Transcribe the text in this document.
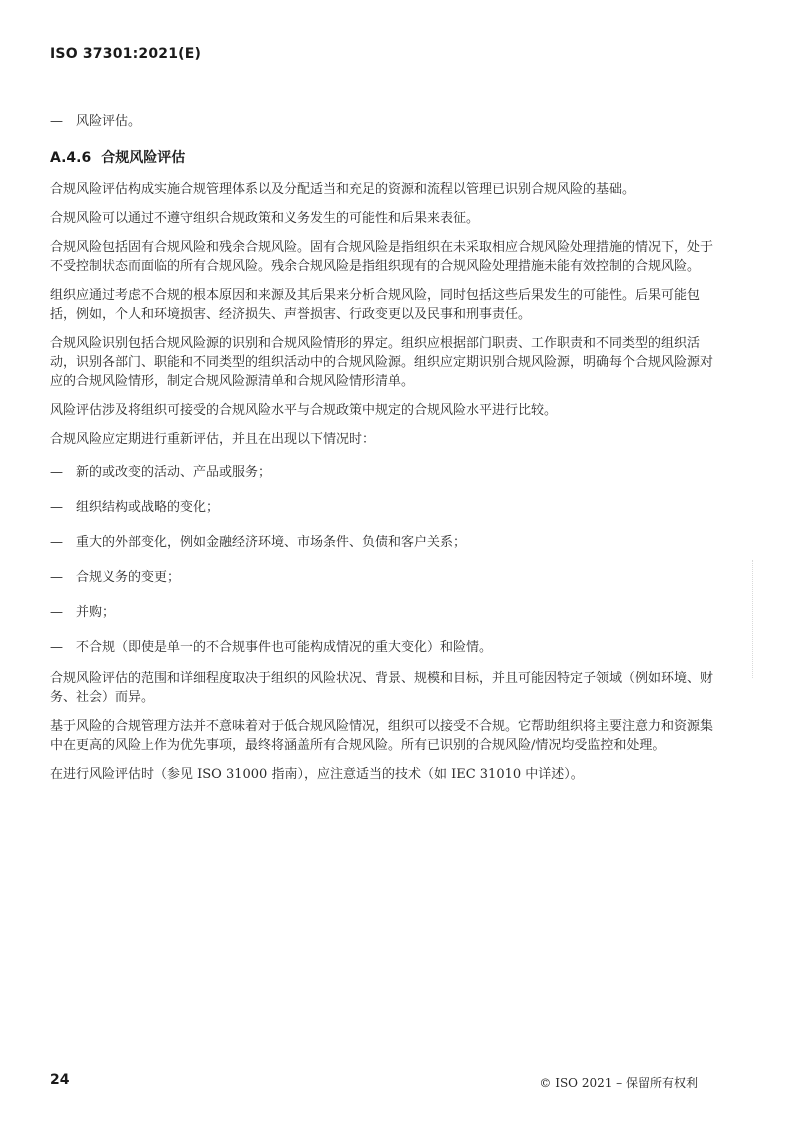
ISO 37301:2021(E)
—	风险评估。
A.4.6 合规风险评估

合规风险评估构成实施合规管理体系以及分配适当和充足的资源和流程以管理已识别合规风险的基础。

合规风险可以通过不遵守组织合规政策和义务发生的可能性和后果来表征。

合规风险包括固有合规风险和残余合规风险。固有合规风险是指组织在未采取相应合规风险处理措施的情况下，处于不受控制状态而面临的所有合规风险。残余合规风险是指组织现有的合规风险处理措施未能有效控制的合规风险。

组织应通过考虑不合规的根本原因和来源及其后果来分析合规风险，同时包括这些后果发生的可能性。后果可能包括，例如，个人和环境损害、经济损失、声誉损害、行政变更以及民事和刑事责任。

合规风险识别包括合规风险源的识别和合规风险情形的界定。组织应根据部门职责、工作职责和不同类型的组织活动，识别各部门、职能和不同类型的组织活动中的合规风险源。组织应定期识别合规风险源，明确每个合规风险源对应的合规风险情形，制定合规风险源清单和合规风险情形清单。

风险评估涉及将组织可接受的合规风险水平与合规政策中规定的合规风险水平进行比较。

合规风险应定期进行重新评估，并且在出现以下情况时：

—	新的或改变的活动、产品或服务；
—	组织结构或战略的变化；
—	重大的外部变化，例如金融经济环境、市场条件、负债和客户关系；
—	合规义务的变更；
—	并购；
—	不合规（即使是单一的不合规事件也可能构成情况的重大变化）和险情。

合规风险评估的范围和详细程度取决于组织的风险状况、背景、规模和目标，并且可能因特定子领域（例如环境、财务、社会）而异。

基于风险的合规管理方法并不意味着对于低合规风险情况，组织可以接受不合规。它帮助组织将主要注意力和资源集中在更高的风险上作为优先事项，最终将涵盖所有合规风险。所有已识别的合规风险/情况均受监控和处理。

在进行风险评估时（参见 ISO 31000 指南），应注意适当的技术（如 IEC 31010 中详述）。

24	© ISO 2021 – 保留所有权利
